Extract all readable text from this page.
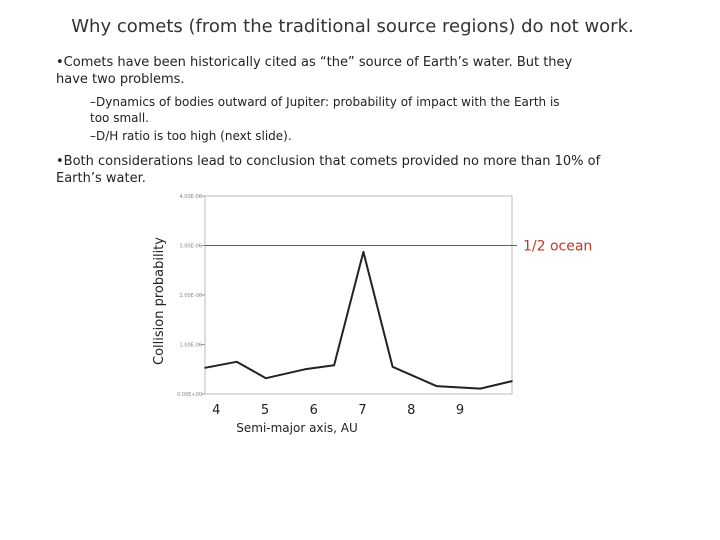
Why comets (from the traditional source regions) do not work.
•Comets have been historically cited as “the” source of Earth’s water. But they have two problems.
–Dynamics of bodies outward of Jupiter: probability of impact with the Earth is too small.
–D/H ratio is too high (next slide).
•Both considerations lead to conclusion that comets provided no more than 10% of Earth’s water.
0.00E+00
1.00E-06
2.00E-06
3.00E-06
4.00E-06
4	5	6	7	8	9
1/2 ocean
Collision probability
Semi-major axis, AU
